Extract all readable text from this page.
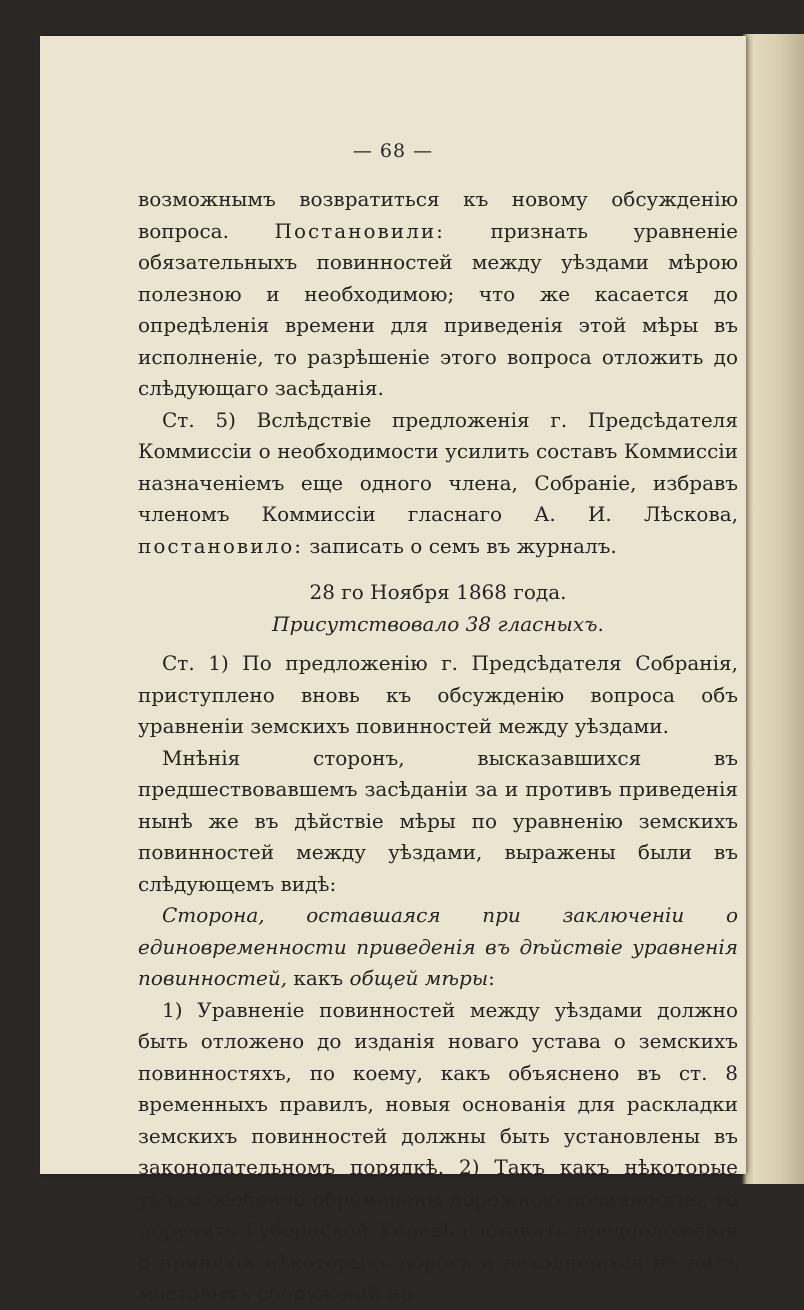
— 68 —

возможнымъ возвратиться къ новому обсужденію вопроса. Постановили: признать уравненіе обязательныхъ повинностей между уѣздами мѣрою полезною и необходимою; что же касается до опредѣленія времени для приведенія этой мѣры въ исполненіе, то разрѣшеніе этого вопроса отложить до слѣдующаго засѣданія.

Ст. 5) Вслѣдствіе предложенія г. Предсѣдателя Коммиссіи о необходимости усилить составъ Коммиссіи назначеніемъ еще одного члена, Собраніе, избравъ членомъ Коммиссіи гласнаго А. И. Лѣскова, постановило: записать о семъ въ журналъ.

28 го Ноября 1868 года.

Присутствовало 38 гласныхъ.

Ст. 1) По предложенію г. Предсѣдателя Собранія, приступлено вновь къ обсужденію вопроса объ уравненіи земскихъ повинностей между уѣздами.

Мнѣнія сторонъ, высказавшихся въ предшествовавшемъ засѣданіи за и противъ приведенія нынѣ же въ дѣйствіе мѣры по уравненію земскихъ повинностей между уѣздами, выражены были въ слѣдующемъ видѣ:

Сторона, оставшаяся при заключеніи о единовременности приведенія въ дѣйствіе уравненія повинностей, какъ общей мѣры:

1) Уравненіе повинностей между уѣздами должно быть отложено до изданія новаго устава о земскихъ повинностяхъ, по коему, какъ объяснено въ ст. 8 временныхъ правилъ, новыя основанія для раскладки земскихъ повинностей должны быть установлены въ законодательномъ порядкѣ. 2) Такъ какъ нѣкоторые уѣзды особенно обременены дорожною повинностію, то поручить Губернской Управѣ составить предположенія о принятіи нѣкоторыхъ дорогъ и находящихся на нихъ мостовыхъ сооруженій на
